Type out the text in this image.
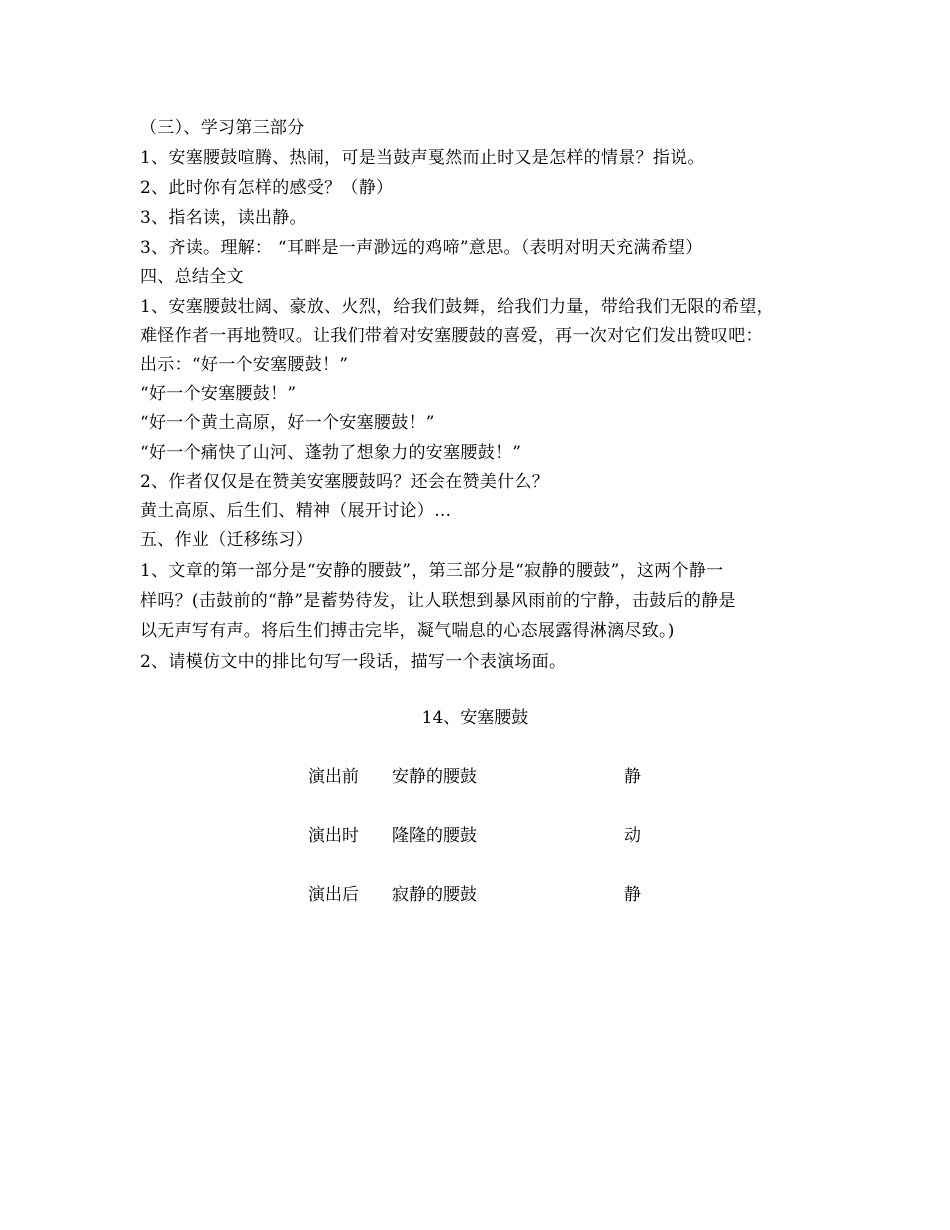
（三）、学习第三部分
1、安塞腰鼓喧腾、热闹，可是当鼓声戛然而止时又是怎样的情景？指说。
2、此时你有怎样的感受？（静）
3、指名读，读出静。
3、齐读。理解： “耳畔是一声渺远的鸡啼”意思。（表明对明天充满希望）
四、总结全文
1、安塞腰鼓壮阔、豪放、火烈，给我们鼓舞，给我们力量，带给我们无限的希望，
难怪作者一再地赞叹。让我们带着对安塞腰鼓的喜爱，再一次对它们发出赞叹吧：
出示：“好一个安塞腰鼓！”
“好一个安塞腰鼓！”
“好一个黄土高原，好一个安塞腰鼓！”
“好一个痛快了山河、蓬勃了想象力的安塞腰鼓！”
2、作者仅仅是在赞美安塞腰鼓吗？还会在赞美什么？
黄土高原、后生们、精神（展开讨论）…
五、作业（迁移练习）
1、文章的第一部分是“安静的腰鼓”，第三部分是“寂静的腰鼓”，这两个静一
样吗？(击鼓前的“静”是蓄势待发，让人联想到暴风雨前的宁静，击鼓后的静是
以无声写有声。将后生们搏击完毕，凝气喘息的心态展露得淋漓尽致。)
2、请模仿文中的排比句写一段话，描写一个表演场面。
14、安塞腰鼓
演出前 安静的腰鼓	静
演出时 隆隆的腰鼓	动
演出后 寂静的腰鼓	静
